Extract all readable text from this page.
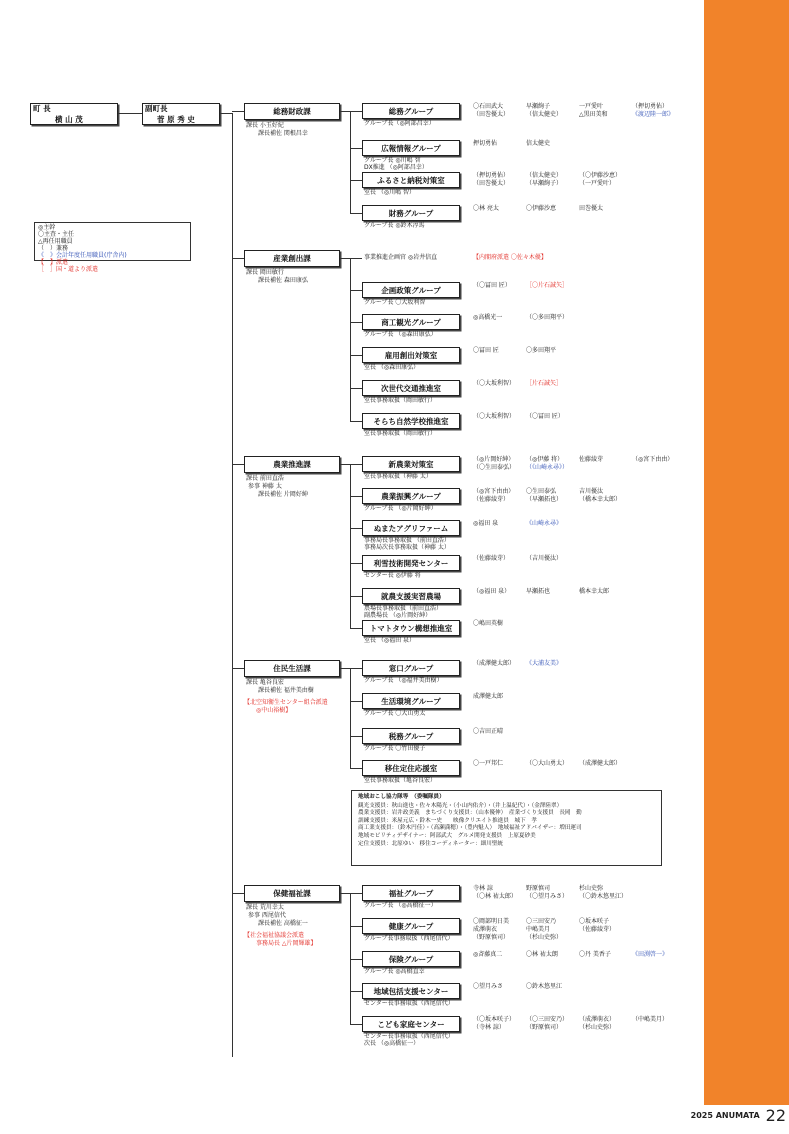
2025 ANUMATA 22
町 長
横 山 茂
副町長
菅 原 秀 史
◎主幹
〇主査・主任
△再任用職員
（　）兼務
《　》会計年度任用職員(庁舎内)
【　】派遣
［　］国・道より派遣
総務財政課
課長 小玉好紀
課長補佐 関根昌幸
総務グループ
グループ長（◎阿部昌幸）
〇石田武大	早瀬絢子	一戸愛叶	（押切勇佑）
（田巻優太）	（信太健史）	△黒田美和	《渡辺陸一郎》
広報情報グループ
グループ長 ◎川嶋 智
DX推進 （◎阿部昌幸）
押切勇佑	信太健史
ふるさと納税対策室
室長 （◎川嶋 智）
（押切勇佑）	（信太健史）	（〇伊藤沙恵）
（田巻優太）	（早瀬絢子）	（一戸愛叶）
財務グループ
グループ長 ◎鈴木淳馬
〇林 亮太	〇伊藤沙恵	田巻優太
産業創出課
課長 岡田敏行
課長補佐 森田康弘
事業推進企画官 ◎岩井信直	【内閣府派遣 〇佐々木優】
企画政策グループ
グループ長 〇大坂利智
（〇冨田 匠）	［〇片石誠矢］
商工観光グループ
グループ長 （◎森田康弘）
◎高橋光一	（〇多田翔平）
雇用創出対策室
室長 （◎森田康弘）
〇冨田 匠	〇多田翔平
次世代交通推進室
室長事務取扱（岡田敏行）
（〇大坂利智） ［片石誠矢］
そらち自然学校推進室
室長事務取扱（岡田敏行）
（〇大坂利智） （〇冨田 匠）
農業推進課
課長 前田直浩
参事 神藤 太
課長補佐 片岡好紳
新農業対策室
室長事務取扱（神藤 太）
（◎片岡好紳） （◎伊藤 将）	佐藤綾芽	（◎宮下由由）
（〇生田泰弘） （《山崎永尋》）
農業振興グループ
グループ長 （◎片岡好紳）
（◎宮下由由） 〇生田泰弘	吉川優汰
（佐藤綾芽）	（早瀬拓也）	（橋本幸太郎）
ぬまたアグリファーム
事務局長事務取扱 （前田直浩）
事務局次長事務取扱（神藤 太）
◎福田 泉	《山崎永尋》
利雪技術開発センター
センター長 ◎伊藤 将
（佐藤綾芽）	（吉川優汰）
就農支援実習農場
農場長事務取扱（前田直浩）
副農場長 （◎片岡好紳）
（◎福田 泉）	早瀬拓也	橋本幸太郎
トマトタウン構想推進室
室長 （◎福田 泉）
〇嶋田英樹
住民生活課
課長 亀谷良宏
課長補佐 福井美由樹
【北空知衛生センター組合派遣
◎中山裕樹】
窓口グループ
グループ長 （◎福井美由樹）
（成澤健太郎） 《大浦友美》
生活環境グループ
グループ長 〇大山勇太
成澤健太郎
税務グループ
グループ長 〇竹田優子
〇吉田正晴
移住定住応援室
室長事務取扱（亀谷良宏）
〇一戸邦仁	（〇大山勇太） （成澤健太郎）
保健福祉課
課長 荒川幸太
参事 西尾信代
課長補佐 高橋征一
【社会福祉協議会派遣
事務局長 △片岡輝雄】
福祉グループ
グループ長 （◎高橋征一）
寺林 諒	野原慎司	杉山史弥
（〇林 祐太郎） （〇望月みさ） （〇鈴木悠里江）
健康グループ
グループ長事務取扱（西尾信代）
〇岡部明日美	〇三田安乃	〇坂本咲子
成澤萌衣	中嶋美月	（佐藤綾芽）
（野原慎司）	（杉山史弥）
保険グループ
グループ長 ◎高橋直幸
◎斉藤真二	〇林 祐太朗	〇丹 美香子	《田渕啓一》
地域包括支援センター
センター長事務取扱（西尾信代）
〇望月みさ	〇鈴木悠里江
こども家庭センター
センター長事務取扱（西尾信代）
次長 （◎高橋征一）
（〇坂本咲子） （〇三田安乃） （成澤萌衣）	（中嶋美月）
（寺林 諒）	（野原慎司）	（杉山史弥）
地域おこし協力隊等　（委嘱隊員）
観光支援員：秋山進也・佐々木陽光・（小山内佑介）・（井上温紀代）・（金澤陸翠）
農業支援員：岩井政美義　まちづくり支援員：（山本優伸）　産業づくり支援員　長岡　勤
訓練支援員：米屋元広・鈴木一史　　映像クリエイト推進員　城下　孝
商工業支援員：（鈴木円佳）・（高瀬満穂）・（豊内魁人）　地域福祉アドバイザー：増田運司
地域モビリティデザイナー：阿部武大　グルメ開発支援員　上原夏砂美
定住支援員：北原ゆい　移住コーディネーター：細川聖統
